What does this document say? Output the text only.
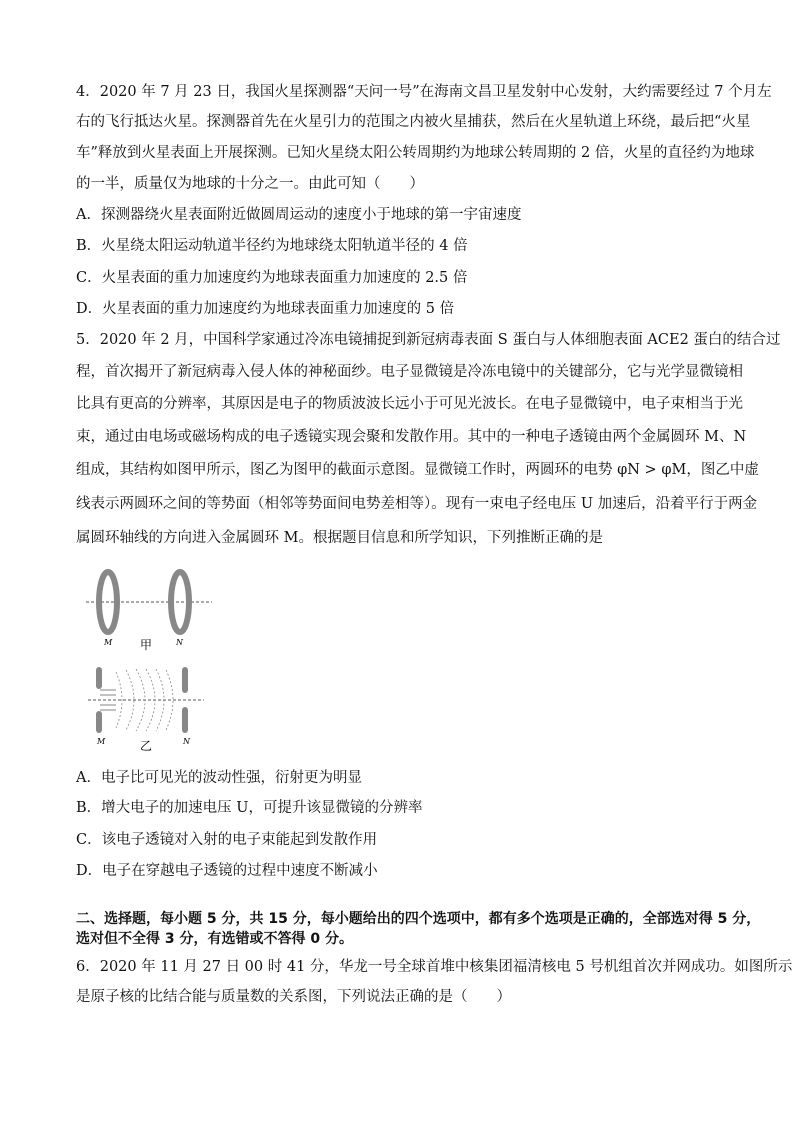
4．2020 年 7 月 23 日，我国火星探测器“天问一号”在海南文昌卫星发射中心发射，大约需要经过 7 个月左
右的飞行抵达火星。探测器首先在火星引力的范围之内被火星捕获，然后在火星轨道上环绕，最后把“火星
车”释放到火星表面上开展探测。已知火星绕太阳公转周期约为地球公转周期的 2 倍，火星的直径约为地球
的一半，质量仅为地球的十分之一。由此可知（　　）
A．探测器绕火星表面附近做圆周运动的速度小于地球的第一宇宙速度
B．火星绕太阳运动轨道半径约为地球绕太阳轨道半径的 4 倍
C．火星表面的重力加速度约为地球表面重力加速度的 2.5 倍
D．火星表面的重力加速度约为地球表面重力加速度的 5 倍
5．2020 年 2 月，中国科学家通过冷冻电镜捕捉到新冠病毒表面 S 蛋白与人体细胞表面 ACE2 蛋白的结合过
程，首次揭开了新冠病毒入侵人体的神秘面纱。电子显微镜是冷冻电镜中的关键部分，它与光学显微镜相
比具有更高的分辨率，其原因是电子的物质波波长远小于可见光波长。在电子显微镜中，电子束相当于光
束，通过由电场或磁场构成的电子透镜实现会聚和发散作用。其中的一种电子透镜由两个金属圆环 M、N
组成，其结构如图甲所示，图乙为图甲的截面示意图。显微镜工作时，两圆环的电势 φN > φM，图乙中虚
线表示两圆环之间的等势面（相邻等势面间电势差相等）。现有一束电子经电压 U 加速后，沿着平行于两金
属圆环轴线的方向进入金属圆环 M。根据题目信息和所学知识，下列推断正确的是
M	N
甲
M	N
乙
A．电子比可见光的波动性强，衍射更为明显
B．增大电子的加速电压 U，可提升该显微镜的分辨率
C．该电子透镜对入射的电子束能起到发散作用
D．电子在穿越电子透镜的过程中速度不断减小
二、选择题，每小题 5 分，共 15 分，每小题给出的四个选项中，都有多个选项是正确的，全部选对得 5 分，
选对但不全得 3 分，有选错或不答得 0 分。
6．2020 年 11 月 27 日 00 时 41 分，华龙一号全球首堆中核集团福清核电 5 号机组首次并网成功。如图所示
是原子核的比结合能与质量数的关系图，下列说法正确的是（　　）
